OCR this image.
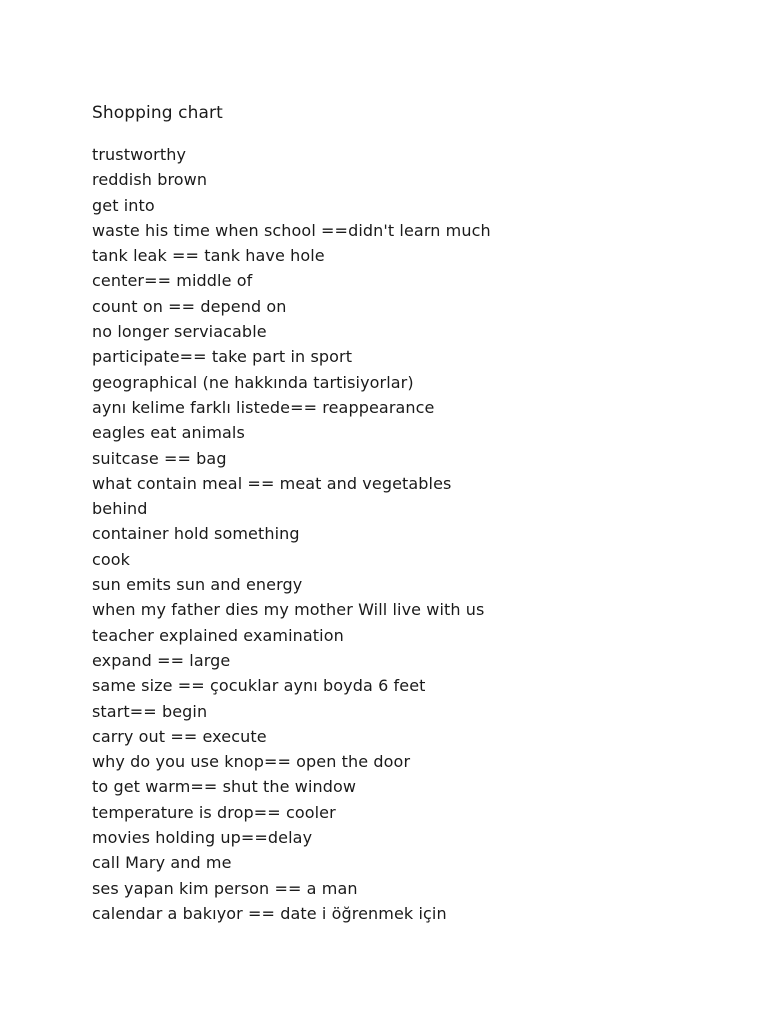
Shopping chart
trustworthy
reddish brown
get into
waste his time when school ==didn't learn much
tank leak == tank have hole
center== middle of
count on == depend on
no longer serviacable
participate== take part in sport
geographical (ne hakkında tartisiyorlar)
aynı kelime farklı listede== reappearance
eagles eat animals
suitcase == bag
what contain meal == meat and vegetables
behind
container hold something
cook
sun emits sun and energy
when my father dies my mother Will live with us
teacher explained examination
expand == large
same size == çocuklar aynı boyda 6 feet
start== begin
carry out == execute
why do you use knop== open the door
to get warm== shut the window
temperature is drop== cooler
movies holding up==delay
call Mary and me
ses yapan kim person == a man
calendar a bakıyor == date i öğrenmek için
